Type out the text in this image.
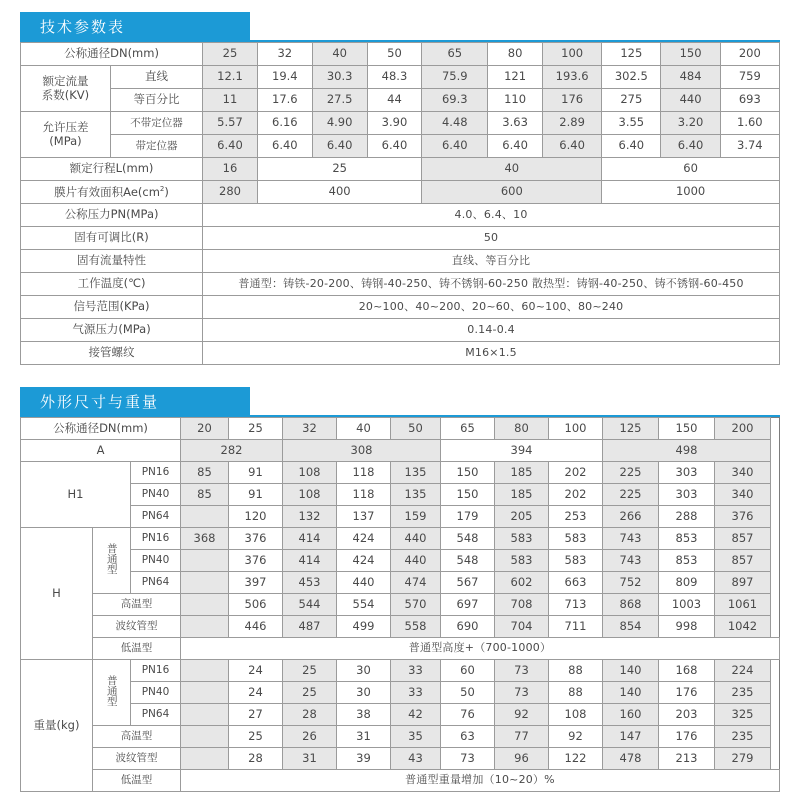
技术参数表
公称通径DN(mm)		25	32	40	50	65	80	100	125	150	200
额定流量
系数(KV)	直线	12.1	19.4	30.3	48.3	75.9	121	193.6	302.5	484	759
	等百分比	11	17.6	27.5	44	69.3	110	176	275	440	693
允许压差
(MPa)	不带定位器	5.57	6.16	4.90	3.90	4.48	3.63	2.89	3.55	3.20	1.60
	带定位器	6.40	6.40	6.40	6.40	6.40	6.40	6.40	6.40	6.40	3.74
额定行程L(mm)		16	25			40			60		
膜片有效面积$Ae(cm^2)$		280	400			600			1000		
公称压力PN(MPa)		4.0、6.4、10									
固有可调比(R)		50									
固有流量特性		直线、等百分比									
工作温度(℃)		普通型：铸铁-20-200、铸钢-40-250、铸不锈钢-60-250 散热型：铸钢-40-250、铸不锈钢-60-450									
信号范围(KPa)		20~100、40~200、20~60、60~100、80~240									
气源压力(MPa)		0.14-0.4									
接管螺纹		M16×1.5									
外形尺寸与重量
公称通径DN(mm)			20	25	32	40	50	65	80	100	125	150	200
A			282		308			394			498		
H1		PN16	85	91	108	118	135	150	185	202	225	303	340
		PN40	85	91	108	118	135	150	185	202	225	303	340
		PN64		120	132	137	159	179	205	253	266	288	376
H	普通型	PN16	368	376	414	424	440	548	583	583	743	853	857
		PN40		376	414	424	440	548	583	583	743	853	857
		PN64		397	453	440	474	567	602	663	752	809	897
	高温型			506	544	554	570	697	708	713	868	1003	1061
	波纹管型			446	487	499	558	690	704	711	854	998	1042
	低温型		普通型高度+（700-1000）										
重量(kg)	普通型	PN16		24	25	30	33	60	73	88	140	168	224
		PN40		24	25	30	33	50	73	88	140	176	235
		PN64		27	28	38	42	76	92	108	160	203	325
	高温型			25	26	31	35	63	77	92	147	176	235
	波纹管型			28	31	39	43	73	96	122	478	213	279
	低温型		普通型重量增加（10~20）%										
